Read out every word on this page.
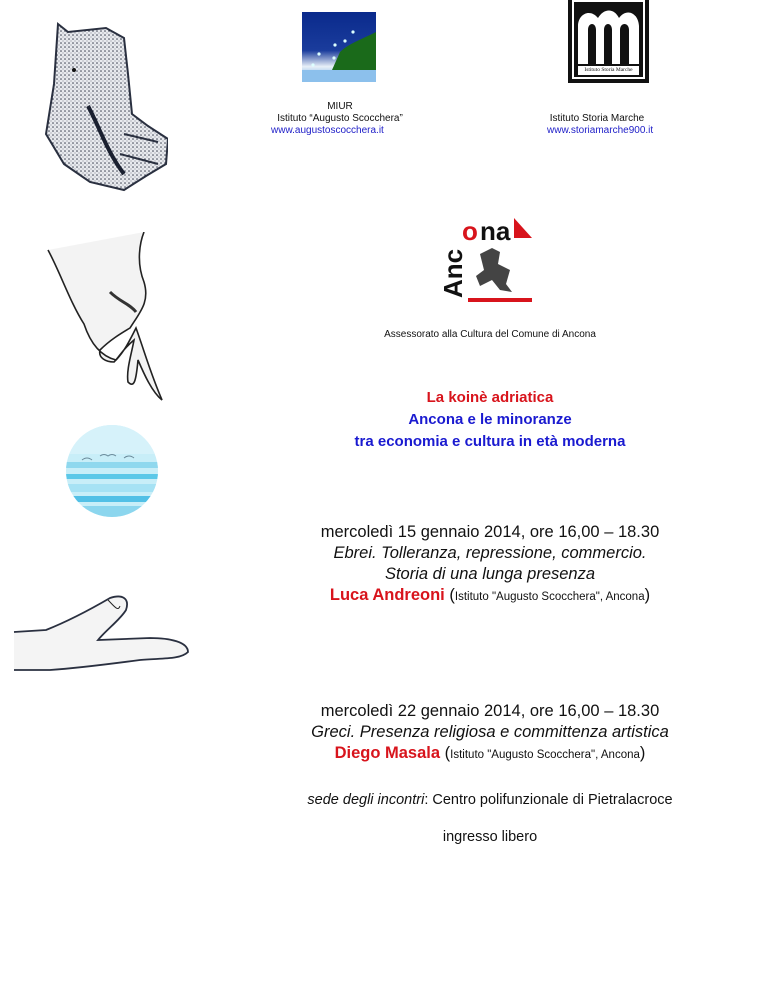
MIUR
Istituto “Augusto Scocchera”
www.augustoscocchera.it
Istituto Storia Marche
Istituto Storia Marche
www.storiamarche900.it
Anc
o na
Assessorato alla Cultura del Comune di Ancona
La koinè adriatica
Ancona e le minoranze
tra economia e cultura in età moderna
mercoledì 15 gennaio 2014, ore 16,00 – 18.30
Ebrei. Tolleranza, repressione, commercio.
Storia di una lunga presenza
Luca Andreoni (Istituto "Augusto Scocchera", Ancona)
mercoledì 22 gennaio 2014, ore 16,00 – 18.30
Greci. Presenza religiosa e committenza artistica
Diego Masala (Istituto "Augusto Scocchera", Ancona)
sede degli incontri: Centro polifunzionale di Pietralacroce
ingresso libero
